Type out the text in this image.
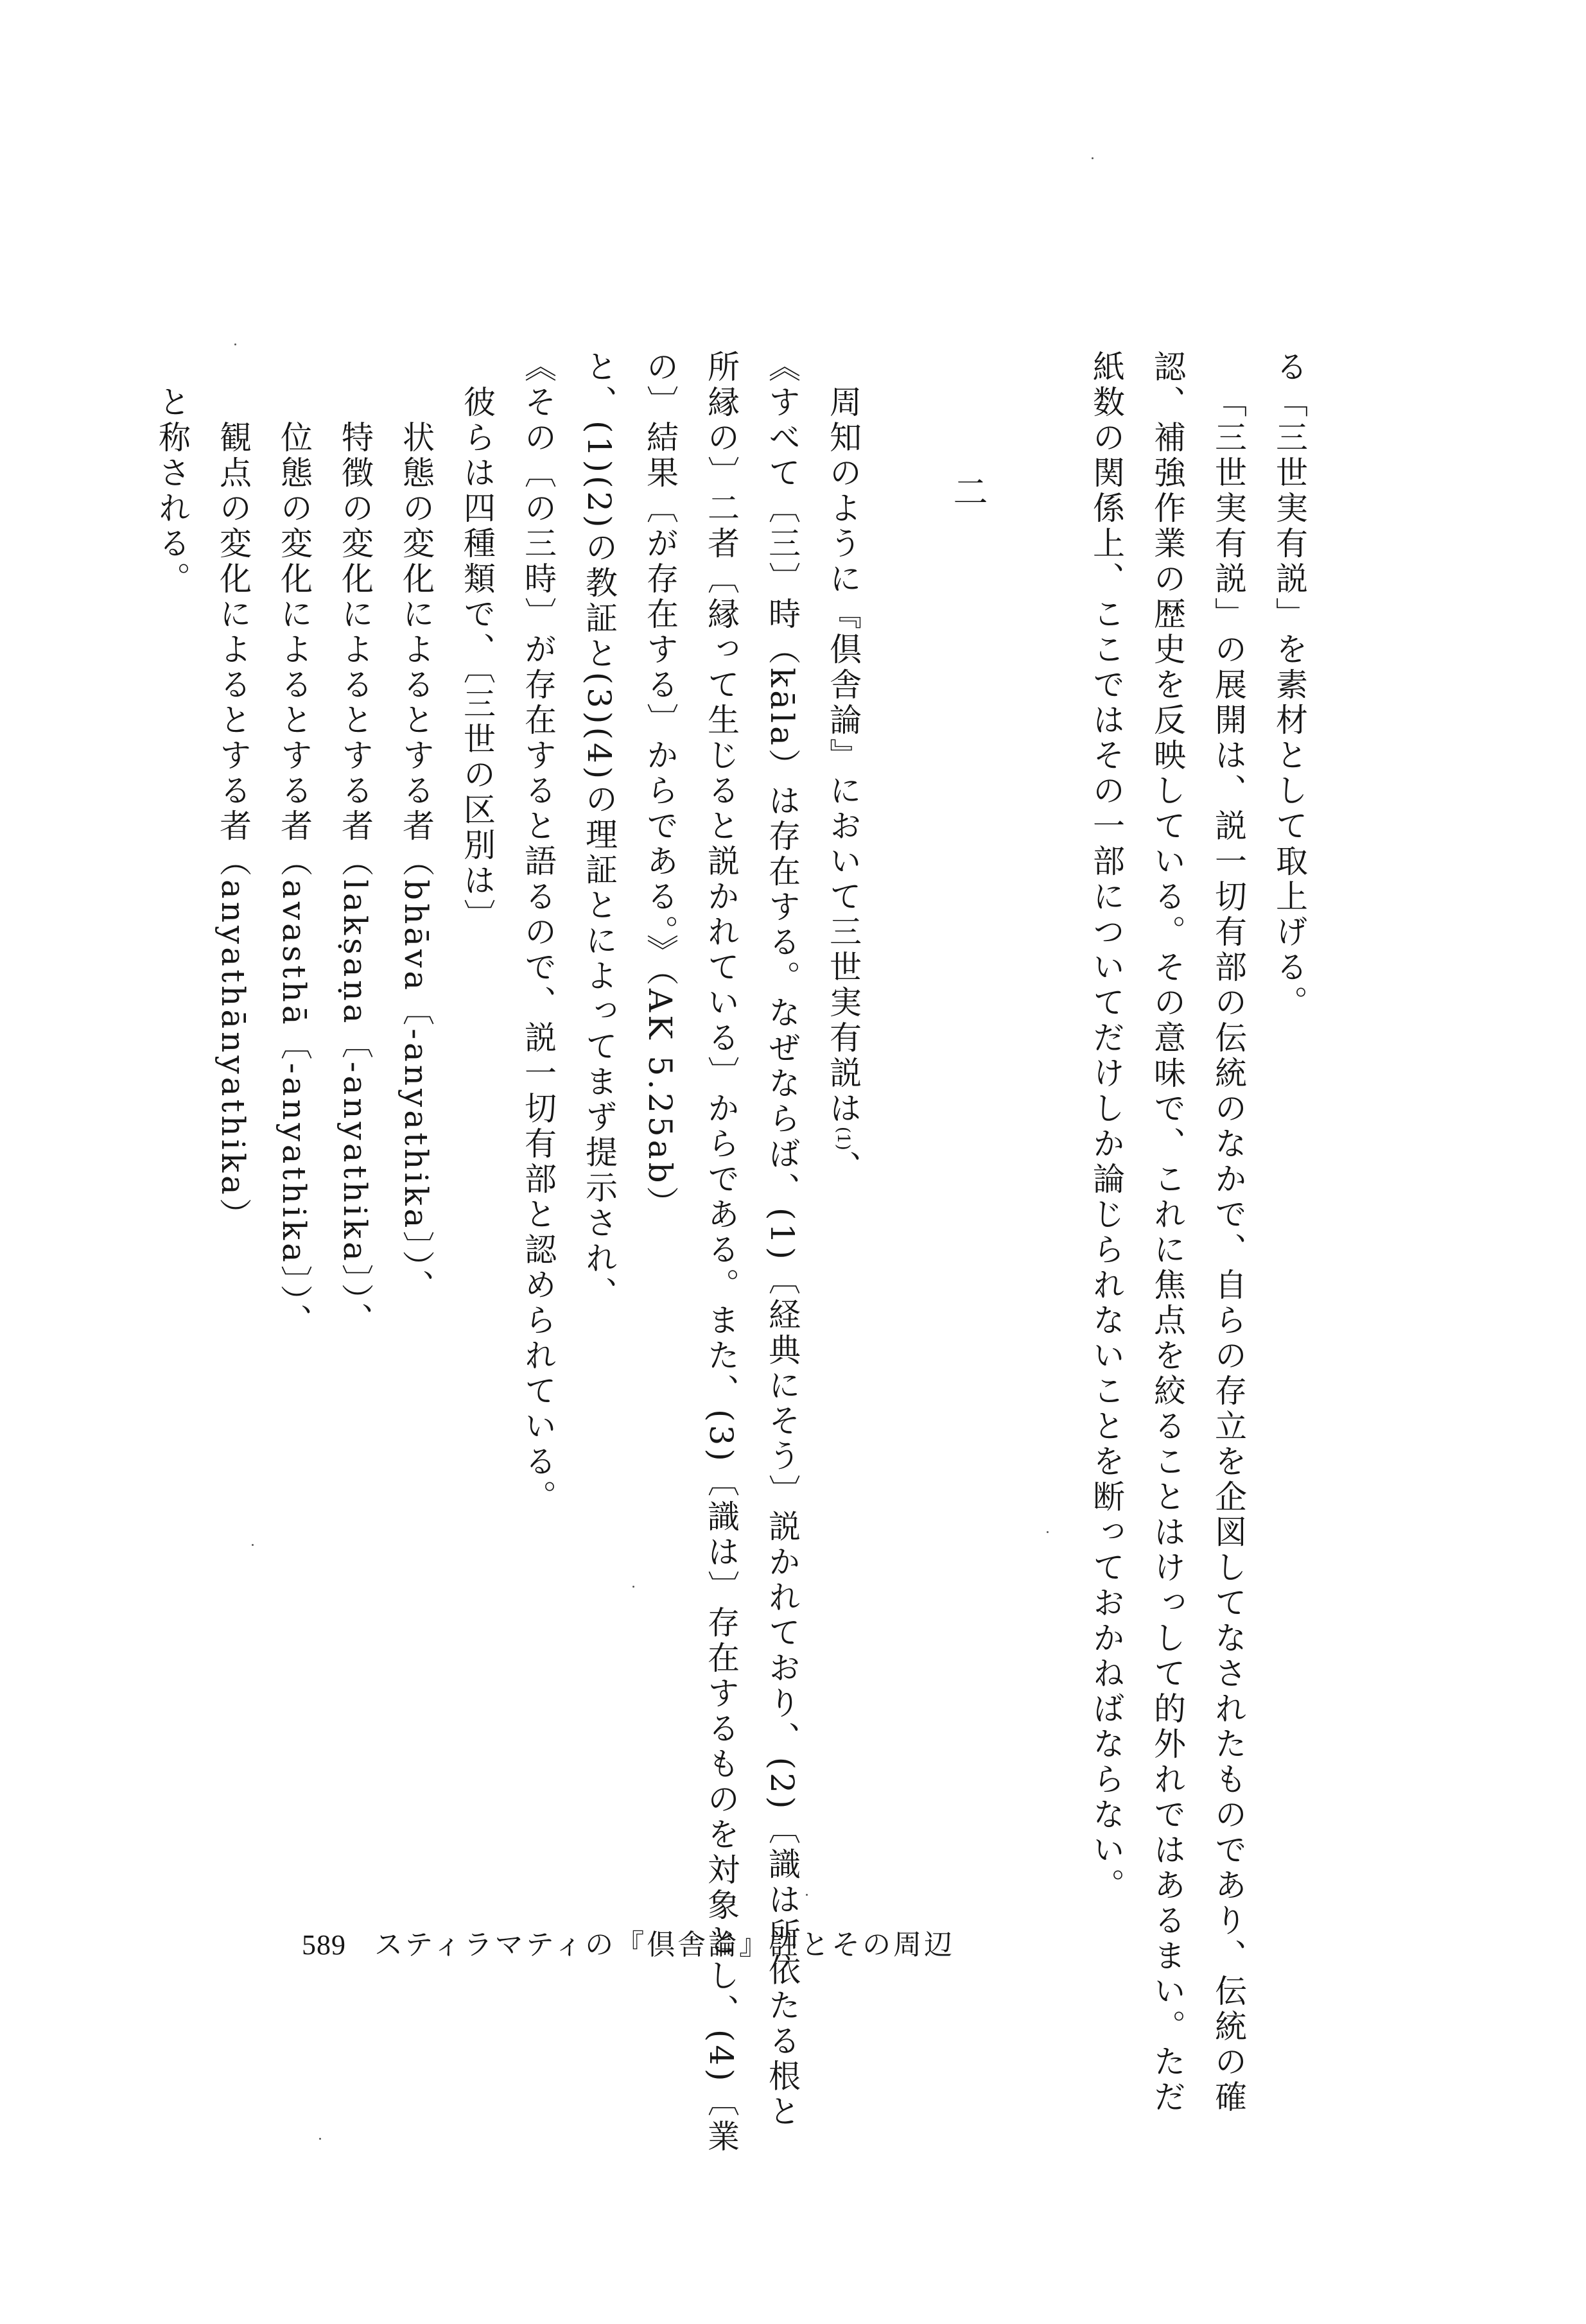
紙数の関係上、ここではその一部についてだけしか論じられないことを断っておかねばならない。 認、補強作業の歴史を反映している。その意味で、これに焦点を絞ることはけっして的外れではあるまい。ただ 「三世実有説」の展開は、説一切有部の伝統のなかで、自らの存立を企図してなされたものであり、伝統の確 る「三世実有説」を素材として取上げる。
二
周知のように『倶舎論』において三世実有説は(1)、
《すべて〔三〕時（kāla）は存在する。なぜならば、(1)〔経典にそう〕説かれており、(2)〔識は所依たる根と
所縁の〕二者〔縁って生じると説かれている〕からである。また、(3)〔識は〕存在するものを対象とし、(4)〔業
の〕結果〔が存在する〕からである。》（AK 5.25ab）
と、(1)(2)の教証と(3)(4)の理証とによってまず提示され、
《その〔の三時〕が存在すると語るので、説一切有部と認められている。
彼らは四種類で、〔三世の区別は〕
状態の変化によるとする者（bhāva〔-anyathika〕）、
特徴の変化によるとする者（lakṣaṇa〔-anyathika〕）、
位態の変化によるとする者（avasthā〔-anyathika〕）、
観点の変化によるとする者（anyathānyathika）
と称される。
589 スティラマティの『倶舎論』註とその周辺
